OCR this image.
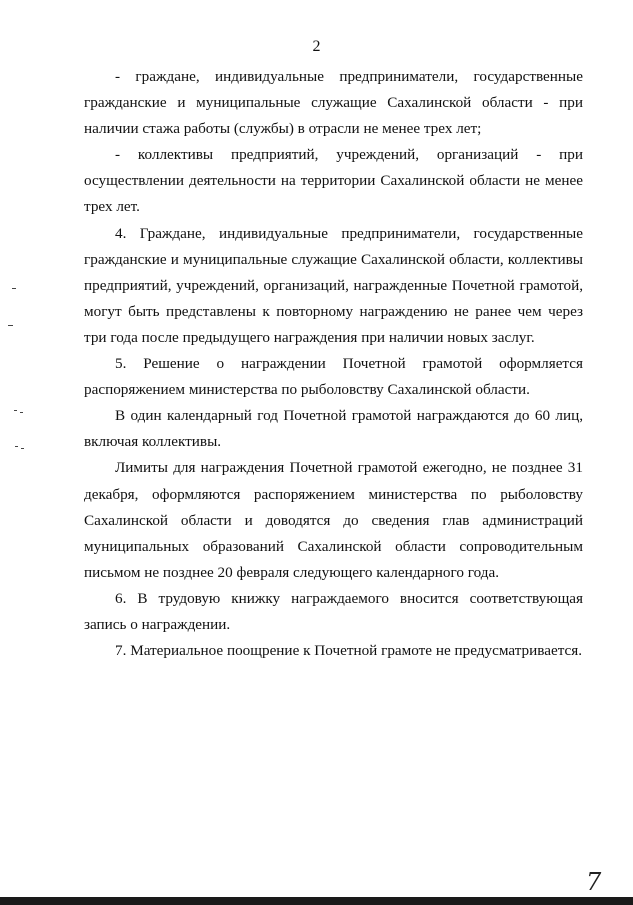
2

- граждане, индивидуальные предприниматели, государственные гражданские и муниципальные служащие Сахалинской области - при наличии стажа работы (службы) в отрасли не менее трех лет;

- коллективы предприятий, учреждений, организаций - при осуществлении деятельности на территории Сахалинской области не менее трех лет.

4. Граждане, индивидуальные предприниматели, государственные гражданские и муниципальные служащие Сахалинской области, коллективы предприятий, учреждений, организаций, награжденные Почетной грамотой, могут быть представлены к повторному награждению не ранее чем через три года после предыдущего награждения при наличии новых заслуг.

5. Решение о награждении Почетной грамотой оформляется распоряжением министерства по рыболовству Сахалинской области.

В один календарный год Почетной грамотой награждаются до 60 лиц, включая коллективы.

Лимиты для награждения Почетной грамотой ежегодно, не позднее 31 декабря, оформляются распоряжением министерства по рыболовству Сахалинской области и доводятся до сведения глав администраций муниципальных образований Сахалинской области сопроводительным письмом не позднее 20 февраля следующего календарного года.

6. В трудовую книжку награждаемого вносится соответствующая запись о награждении.

7. Материальное поощрение к Почетной грамоте не предусматривается.

7
